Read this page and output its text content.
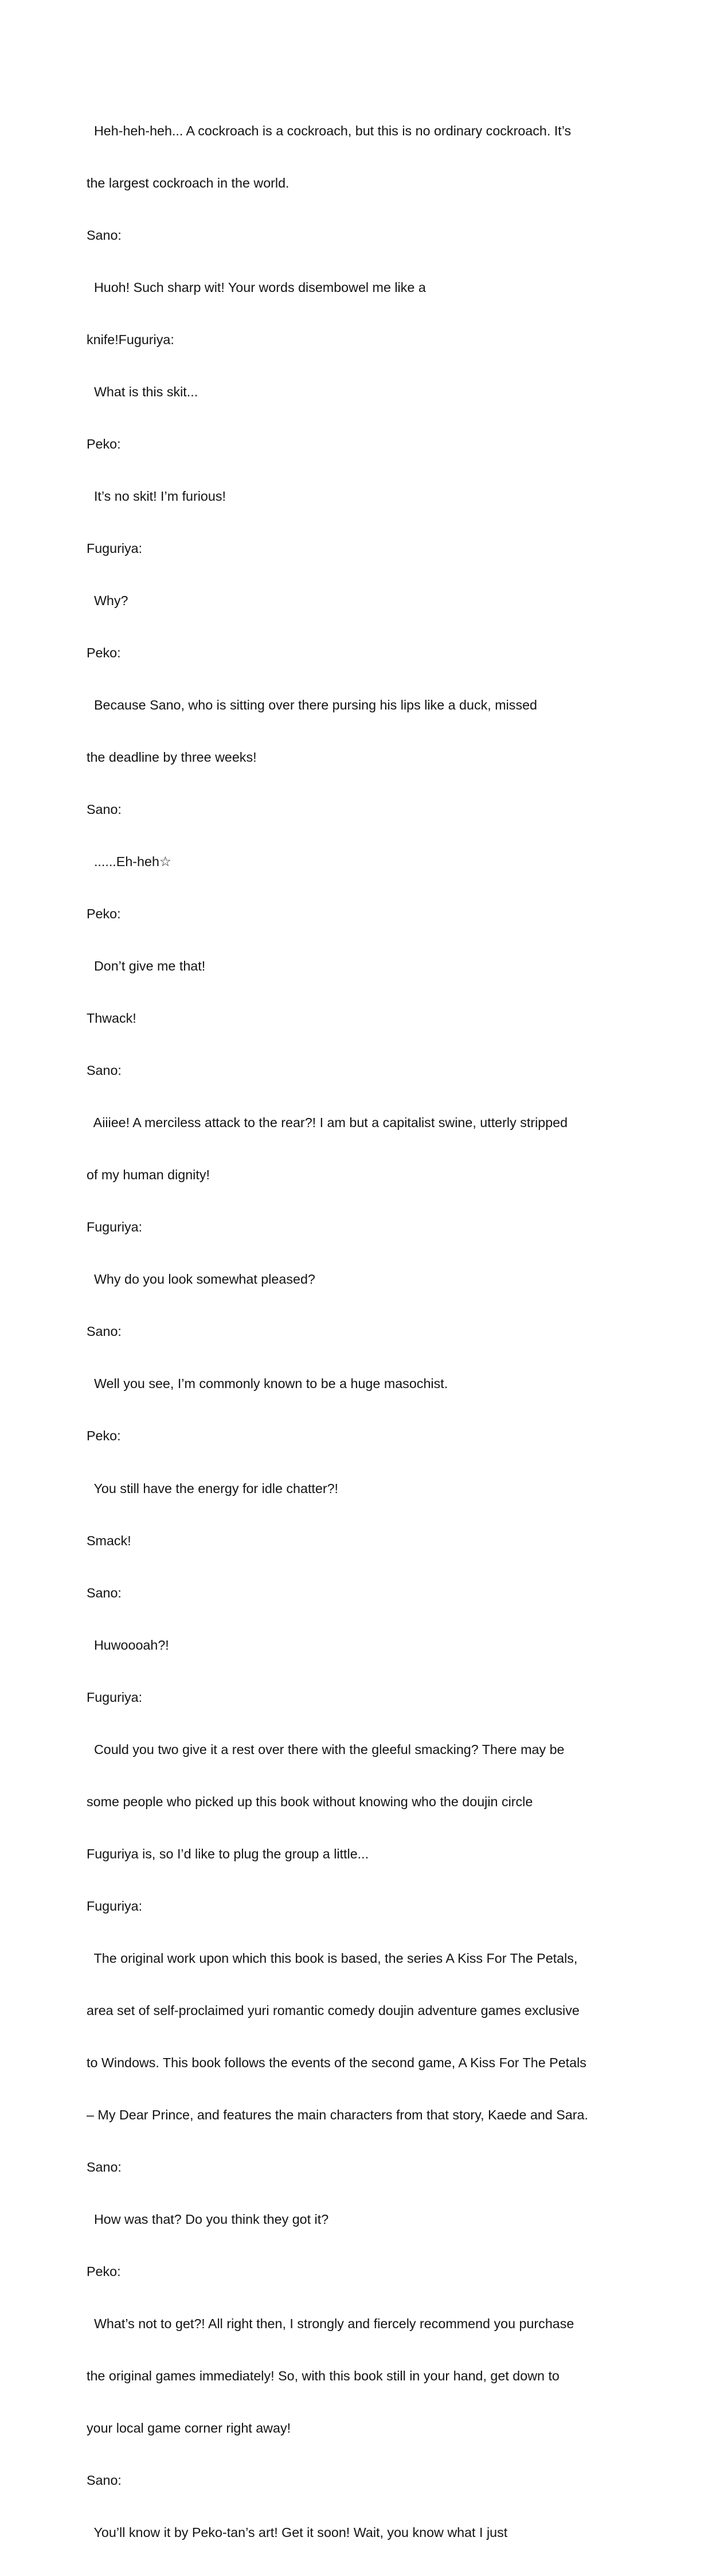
Heh-heh-heh... A cockroach is a cockroach, but this is no ordinary cockroach. It’s

the largest cockroach in the world.

Sano:

Huoh! Such sharp wit! Your words disembowel me like a

knife!Fuguriya:

What is this skit...

Peko:

It’s no skit! I’m furious!

Fuguriya:

Why?

Peko:

Because Sano, who is sitting over there pursing his lips like a duck, missed

the deadline by three weeks!

Sano:

......Eh-heh☆

Peko:

Don’t give me that!

Thwack!

Sano:

Aiiiee! A merciless attack to the rear?! I am but a capitalist swine, utterly stripped

of my human dignity!

Fuguriya:

Why do you look somewhat pleased?

Sano:

Well you see, I’m commonly known to be a huge masochist.

Peko:

You still have the energy for idle chatter?!

Smack!

Sano:

Huwoooah?!

Fuguriya:

Could you two give it a rest over there with the gleeful smacking? There may be

some people who picked up this book without knowing who the doujin circle

Fuguriya is, so I’d like to plug the group a little...

Fuguriya:

The original work upon which this book is based, the series A Kiss For The Petals,

area set of self-proclaimed yuri romantic comedy doujin adventure games exclusive

to Windows. This book follows the events of the second game, A Kiss For The Petals

– My Dear Prince, and features the main characters from that story, Kaede and Sara.

Sano:

How was that? Do you think they got it?

Peko:

What’s not to get?! All right then, I strongly and fiercely recommend you purchase

the original games immediately! So, with this book still in your hand, get down to

your local game corner right away!

Sano:

You’ll know it by Peko-tan’s art! Get it soon! Wait, you know what I just
